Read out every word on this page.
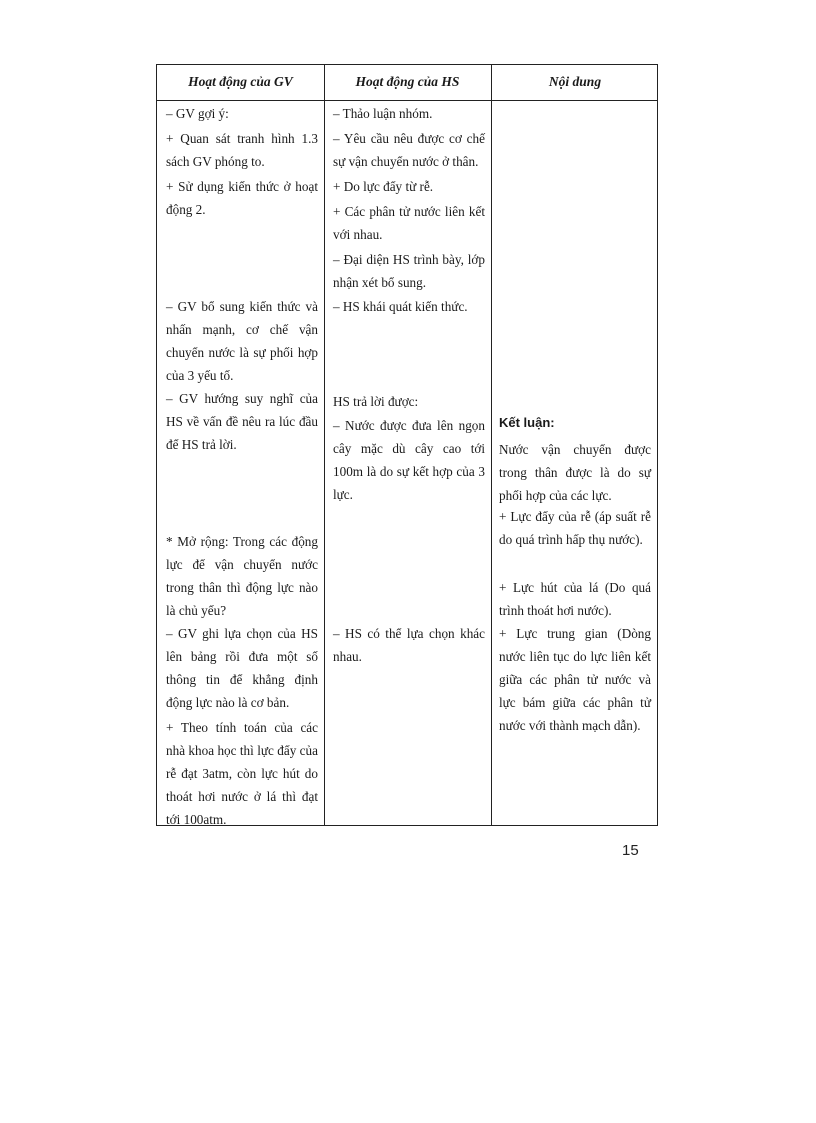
Hoạt động của GV	Hoạt động của HS	Nội dung

– GV gợi ý:

+ Quan sát tranh hình 1.3 sách GV phóng to.

+ Sử dụng kiến thức ở hoạt động 2.

– GV bổ sung kiến thức và nhấn mạnh, cơ chế vận chuyển nước là sự phối hợp của 3 yếu tố.

– GV hướng suy nghĩ của HS về vấn đề nêu ra lúc đầu để HS trả lời.

* Mở rộng: Trong các động lực để vận chuyển nước trong thân thì động lực nào là chủ yếu?

– GV ghi lựa chọn của HS lên bảng rồi đưa một số thông tin để khẳng định động lực nào là cơ bản.

+ Theo tính toán của các nhà khoa học thì lực đẩy của rễ đạt 3atm, còn lực hút do thoát hơi nước ở lá thì đạt tới 100atm.

– Thảo luận nhóm.

– Yêu cầu nêu được cơ chế sự vận chuyển nước ở thân.

+ Do lực đẩy từ rễ.

+ Các phân tử nước liên kết với nhau.

– Đại diện HS trình bày, lớp nhận xét bổ sung.

– HS khái quát kiến thức.

HS trả lời được:

– Nước được đưa lên ngọn cây mặc dù cây cao tới 100m là do sự kết hợp của 3 lực.

– HS có thể lựa chọn khác nhau.

Kết luận:

Nước vận chuyển được trong thân được là do sự phối hợp của các lực.

+ Lực đẩy của rễ (áp suất rễ do quá trình hấp thụ nước).

+ Lực hút của lá (Do quá trình thoát hơi nước).

+ Lực trung gian (Dòng nước liên tục do lực liên kết giữa các phân tử nước và lực bám giữa các phân tử nước với thành mạch dẫn).

15
